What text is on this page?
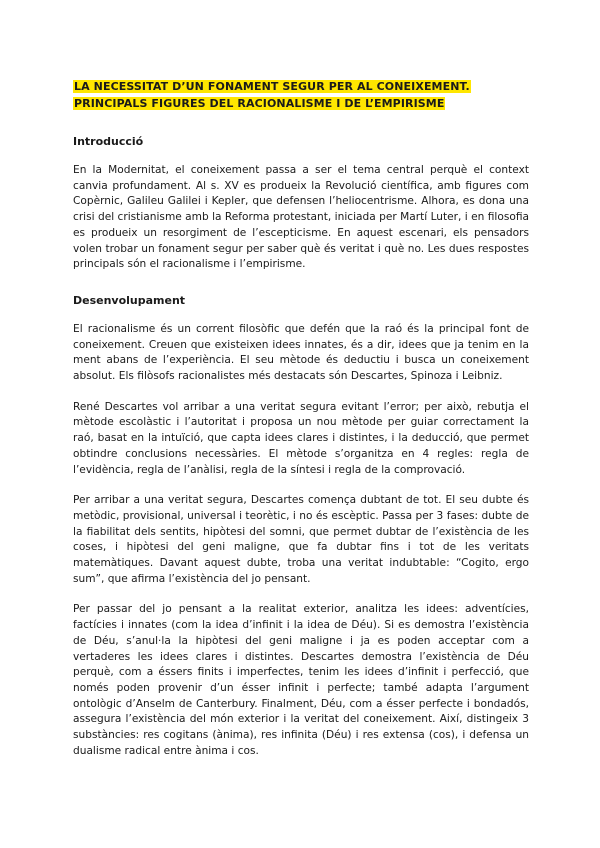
LA NECESSITAT D’UN FONAMENT SEGUR PER AL CONEIXEMENT. PRINCIPALS FIGURES DEL RACIONALISME I DE L’EMPIRISME
Introducció

En la Modernitat, el coneixement passa a ser el tema central perquè el context canvia profundament. Al s. XV es produeix la Revolució científica, amb figures com Copèrnic, Galileu Galilei i Kepler, que defensen l’heliocentrisme. Alhora, es dona una crisi del cristianisme amb la Reforma protestant, iniciada per Martí Luter, i en filosofia es produeix un resorgiment de l’escepticisme. En aquest escenari, els pensadors volen trobar un fonament segur per saber què és veritat i què no. Les dues respostes principals són el racionalisme i l’empirisme.

Desenvolupament

El racionalisme és un corrent filosòfic que defén que la raó és la principal font de coneixement. Creuen que existeixen idees innates, és a dir, idees que ja tenim en la ment abans de l’experiència. El seu mètode és deductiu i busca un coneixement absolut. Els filòsofs racionalistes més destacats són Descartes, Spinoza i Leibniz.

René Descartes vol arribar a una veritat segura evitant l’error; per això, rebutja el mètode escolàstic i l’autoritat i proposa un nou mètode per guiar correctament la raó, basat en la intuïció, que capta idees clares i distintes, i la deducció, que permet obtindre conclusions necessàries. El mètode s’organitza en 4 regles: regla de l’evidència, regla de l’anàlisi, regla de la síntesi i regla de la comprovació.

Per arribar a una veritat segura, Descartes comença dubtant de tot. El seu dubte és metòdic, provisional, universal i teorètic, i no és escèptic. Passa per 3 fases: dubte de la fiabilitat dels sentits, hipòtesi del somni, que permet dubtar de l’existència de les coses, i hipòtesi del geni maligne, que fa dubtar fins i tot de les veritats matemàtiques. Davant aquest dubte, troba una veritat indubtable: “Cogito, ergo sum”, que afirma l’existència del jo pensant.

Per passar del jo pensant a la realitat exterior, analitza les idees: adventícies, factícies i innates (com la idea d’infinit i la idea de Déu). Si es demostra l’existència de Déu, s’anul·la la hipòtesi del geni maligne i ja es poden acceptar com a vertaderes les idees clares i distintes. Descartes demostra l’existència de Déu perquè, com a éssers finits i imperfectes, tenim les idees d’infinit i perfecció, que només poden provenir d’un ésser infinit i perfecte; també adapta l’argument ontològic d’Anselm de Canterbury. Finalment, Déu, com a ésser perfecte i bondadós, assegura l’existència del món exterior i la veritat del coneixement. Així, distingeix 3 substàncies: res cogitans (ànima), res infinita (Déu) i res extensa (cos), i defensa un dualisme radical entre ànima i cos.
